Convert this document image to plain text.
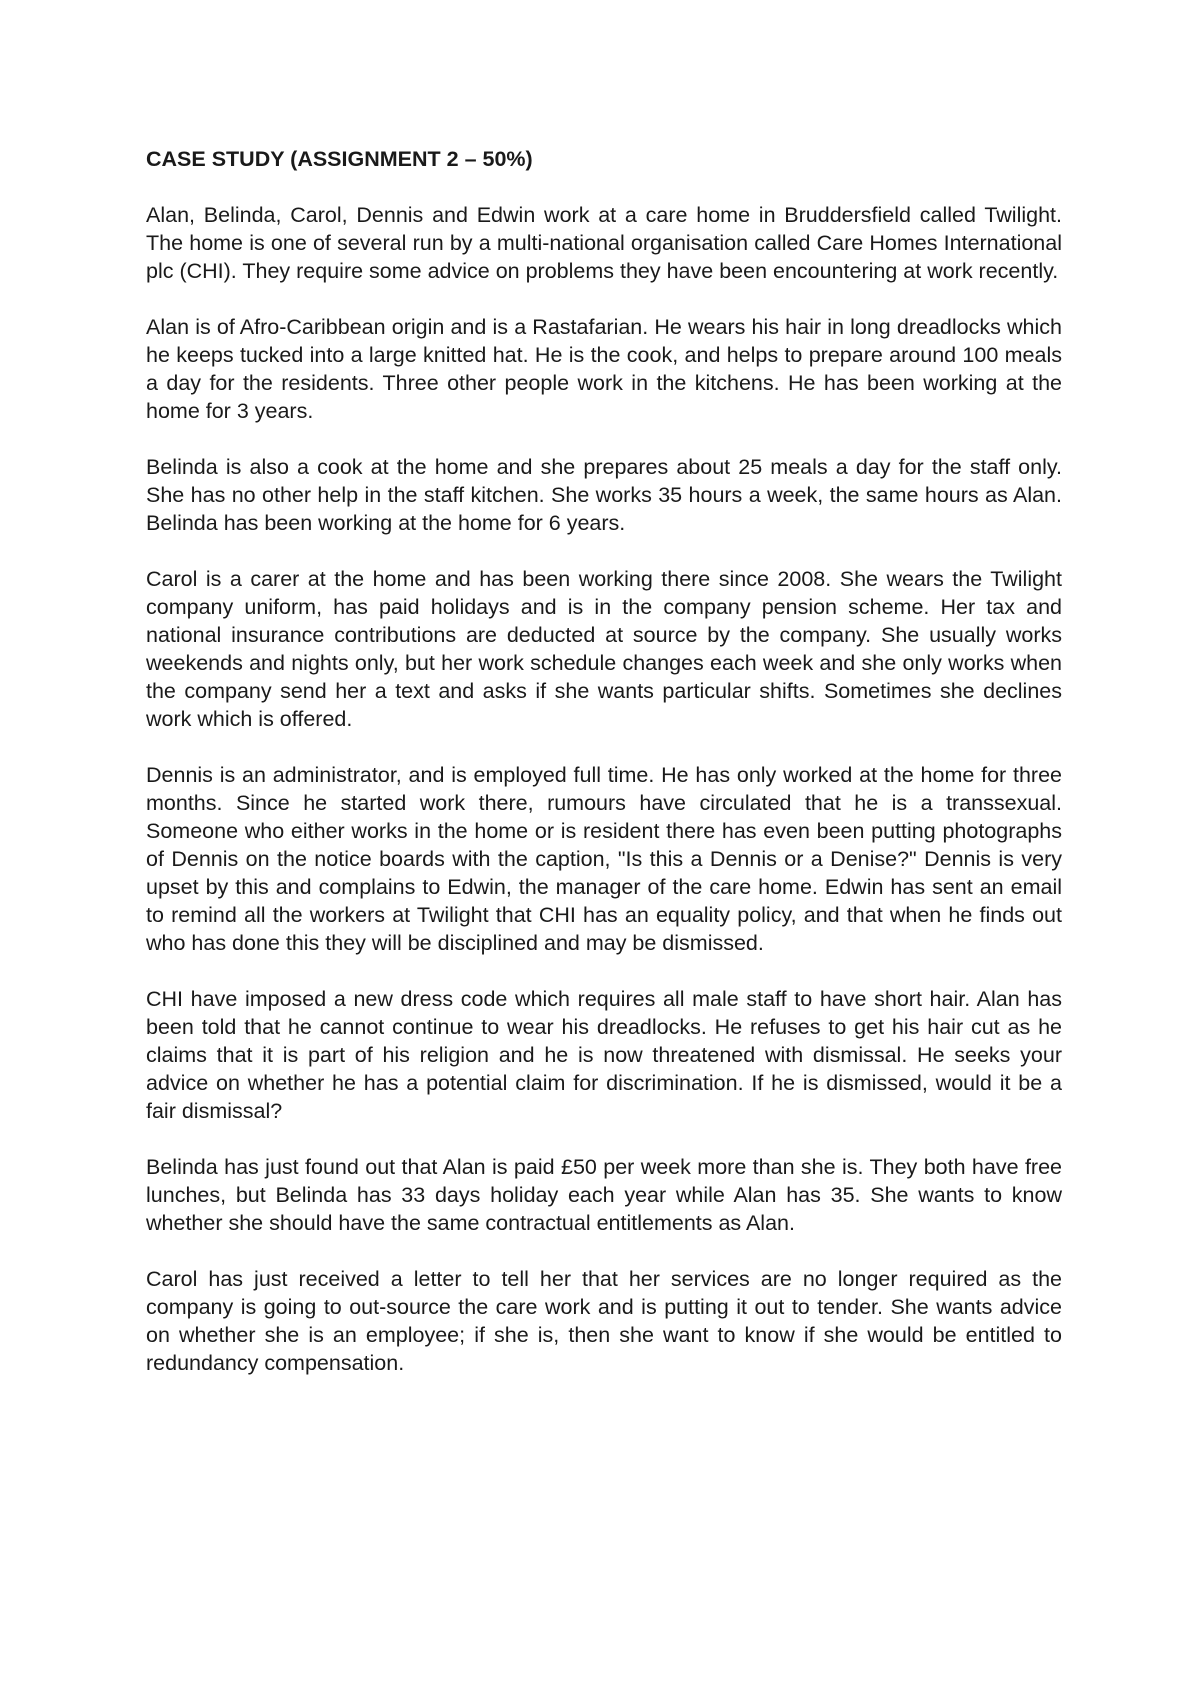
CASE STUDY (ASSIGNMENT 2 – 50%)

Alan, Belinda, Carol, Dennis and Edwin work at a care home in Bruddersfield called Twilight. The home is one of several run by a multi-national organisation called Care Homes International plc (CHI). They require some advice on problems they have been encountering at work recently.

Alan is of Afro-Caribbean origin and is a Rastafarian. He wears his hair in long dreadlocks which he keeps tucked into a large knitted hat. He is the cook, and helps to prepare around 100 meals a day for the residents. Three other people work in the kitchens. He has been working at the home for 3 years.

Belinda is also a cook at the home and she prepares about 25 meals a day for the staff only. She has no other help in the staff kitchen. She works 35 hours a week, the same hours as Alan. Belinda has been working at the home for 6 years.

Carol is a carer at the home and has been working there since 2008. She wears the Twilight company uniform, has paid holidays and is in the company pension scheme. Her tax and national insurance contributions are deducted at source by the company. She usually works weekends and nights only, but her work schedule changes each week and she only works when the company send her a text and asks if she wants particular shifts. Sometimes she declines work which is offered.

Dennis is an administrator, and is employed full time. He has only worked at the home for three months. Since he started work there, rumours have circulated that he is a transsexual. Someone who either works in the home or is resident there has even been putting photographs of Dennis on the notice boards with the caption, "Is this a Dennis or a Denise?" Dennis is very upset by this and complains to Edwin, the manager of the care home. Edwin has sent an email to remind all the workers at Twilight that CHI has an equality policy, and that when he finds out who has done this they will be disciplined and may be dismissed.

CHI have imposed a new dress code which requires all male staff to have short hair. Alan has been told that he cannot continue to wear his dreadlocks. He refuses to get his hair cut as he claims that it is part of his religion and he is now threatened with dismissal. He seeks your advice on whether he has a potential claim for discrimination. If he is dismissed, would it be a fair dismissal?

Belinda has just found out that Alan is paid £50 per week more than she is. They both have free lunches, but Belinda has 33 days holiday each year while Alan has 35. She wants to know whether she should have the same contractual entitlements as Alan.

Carol has just received a letter to tell her that her services are no longer required as the company is going to out-source the care work and is putting it out to tender. She wants advice on whether she is an employee; if she is, then she want to know if she would be entitled to redundancy compensation.
